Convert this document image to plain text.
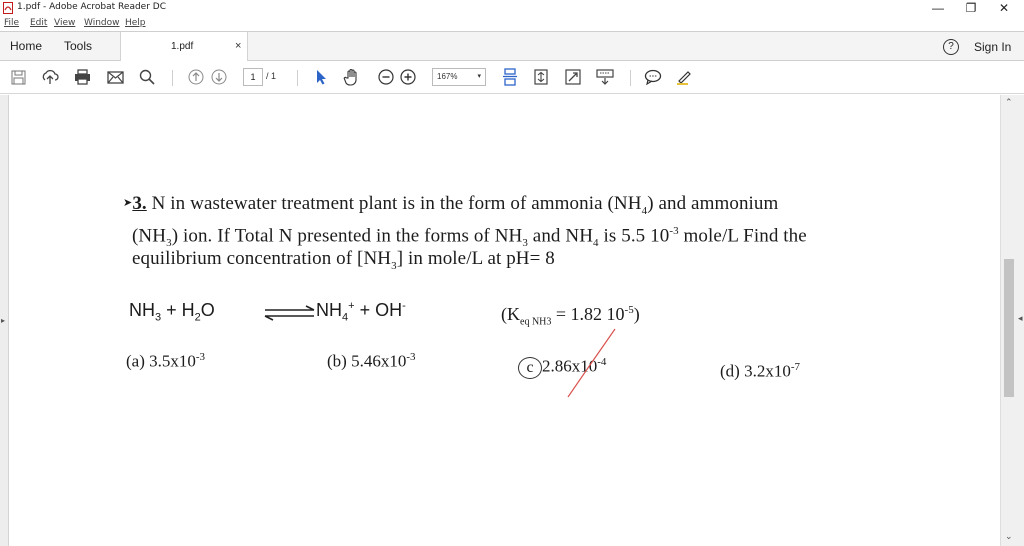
1.pdf - Adobe Acrobat Reader DC	—	❐	✕
File Edit View Window Help
Home Tools	1.pdf	×	?	Sign In
1	/ 1	167%	▾
▸
➤3. N in wastewater treatment plant is in the form of ammonia $(NH_4)$ and ammonium
$(NH_3)$ ion. If Total N presented in the forms of $NH_3$ and $NH_4$ is 5.5 $10^{-3}$ mole/L Find the
equilibrium concentration of $[NH_3]$ in mole/L at pH= 8
$NH_3 + H_2O$	⇌ $NH_4^+ + OH^-$	($K_{eq NH3} = 1.82$ $10^{-5}$)
(a) $3.5x10^{-3}$	(b) $5.46x10^{-3}$
c $2.86x10^{-4}$	(d) $3.2x10^{-7}$
⌃
◂
⌄
